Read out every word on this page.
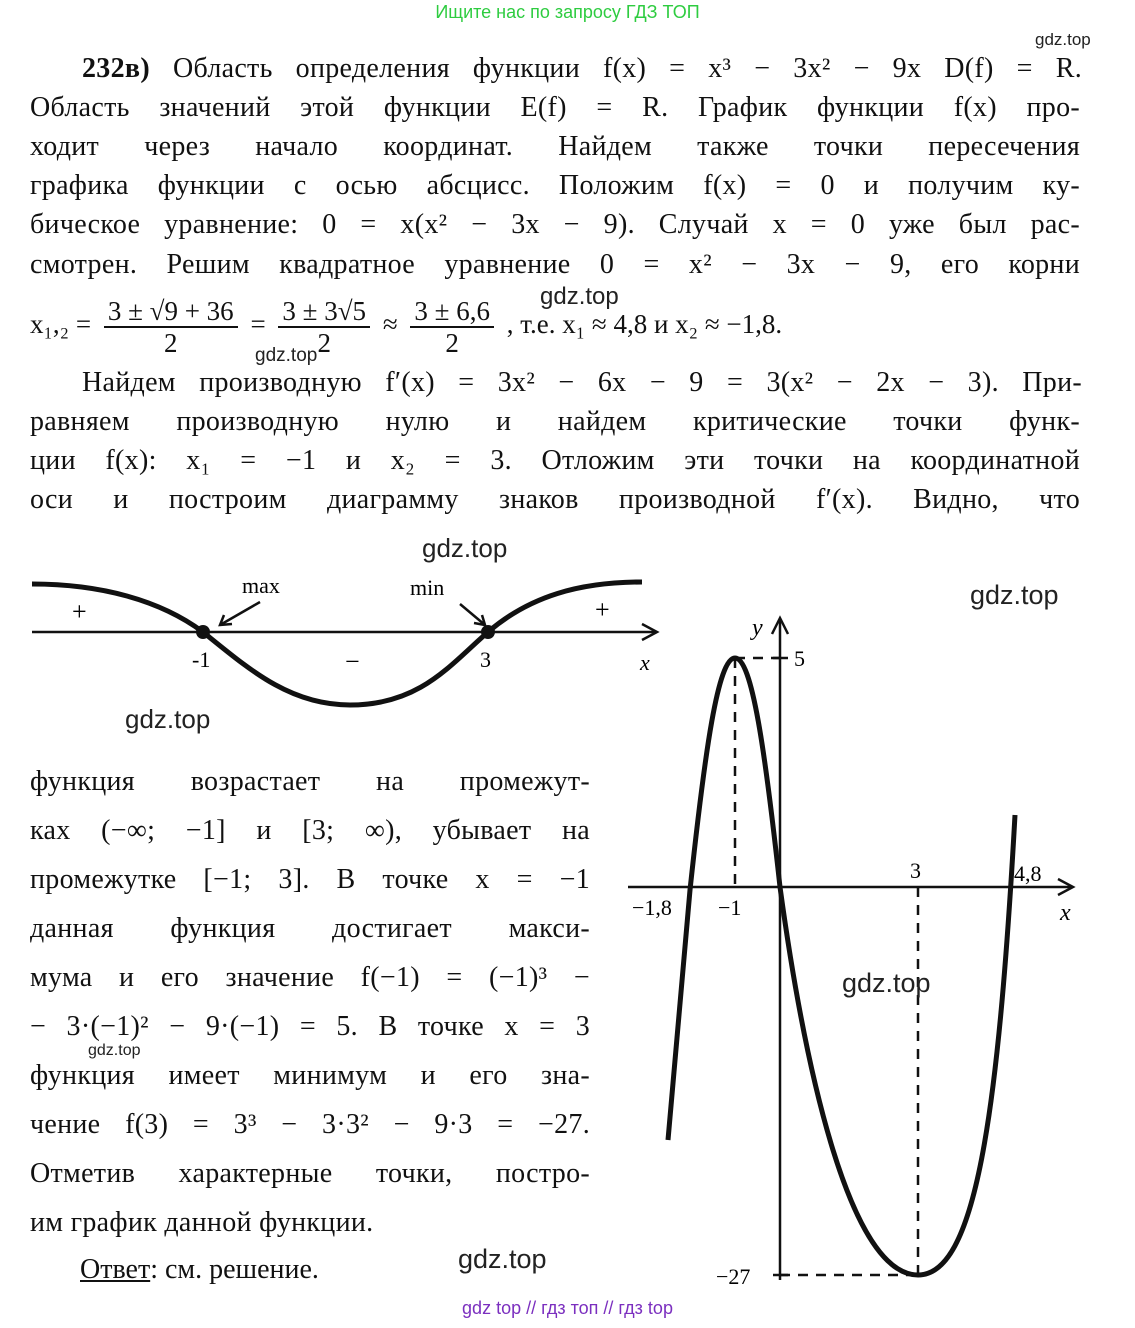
Ищите нас по запросу ГДЗ ТОП
gdz.top
232в) Область определения функции f(x) = x³ − 3x² − 9x D(f) = R.
Область значений этой функции E(f) = R. График функции f(x) про-
ходит через начало координат. Найдем также точки пересечения
графика функции с осью абсцисс. Положим f(x) = 0 и получим ку-
бическое уравнение: 0 = x(x² − 3x − 9). Случай x = 0 уже был рас-
смотрен. Решим квадратное уравнение 0 = x² − 3x − 9, его корни
$x_1,_2 = \frac{3 \pm √9 + 36}{2} = \frac{3 \pm 3√5}{2} \approx \frac{3 \pm 6,6}{2}$ , т.е. x₁ ≈ 4,8 и x₂ ≈ −1,8.
gdz.top
gdz.top
Найдем производную f′(x) = 3x² − 6x − 9 = 3(x² − 2x − 3). При-
равняем производную нулю и найдем критические точки функ-
ции f(x): x₁ = −1 и x₂ = 3. Отложим эти точки на координатной
оси и построим диаграмму знаков производной f′(x). Видно, что
gdz.top
+
−
+
-1	3	x
max	min
gdz.top
функция возрастает на промежут-
ках (−∞; −1] и [3; ∞), убывает на
промежутке [−1; 3]. В точке x = −1
данная функция достигает макси-
мума и его значение f(−1) = (−1)³ −
− 3·(−1)² − 9·(−1) = 5. В точке x = 3
gdz.top
функция имеет минимум и его зна-
чение f(3) = 3³ − 3·3² − 9·3 = −27.
Отметив характерные точки, постро-
им график данной функции.
Ответ: см. решение.	gdz.top
gdz.top
y
5
−27
−1,8 −1
3	4,8
x
gdz.top
gdz top // гдз топ // гдз top
